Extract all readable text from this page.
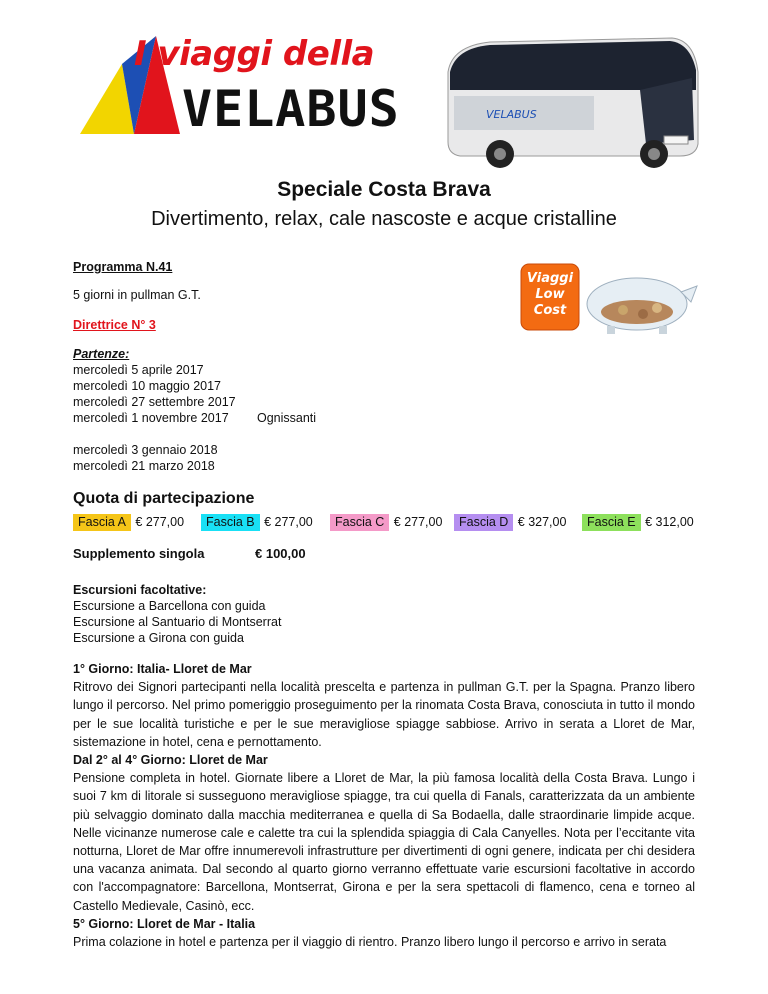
I viaggi della
VELABUS	VELABUS
Speciale Costa Brava
Divertimento, relax, cale nascoste e acque cristalline
Programma N.41
5 giorni in pullman G.T.
Direttrice N° 3
Viaggi
Low
Cost
Partenze:
mercoledì 5 aprile 2017
mercoledì 10 maggio 2017
mercoledì 27 settembre 2017
mercoledì 1 novembre 2017 Ognissanti
mercoledì 3 gennaio 2018
mercoledì 21 marzo 2018
Quota di partecipazione
Fascia A € 277,00	Fascia B € 277,00	Fascia C € 277,00	Fascia D € 327,00	Fascia E € 312,00
Supplemento singola	€ 100,00
Escursioni facoltative:
Escursione a Barcellona con guida
Escursione al Santuario di Montserrat
Escursione a Girona con guida
1° Giorno: Italia- Lloret de Mar
Ritrovo dei Signori partecipanti nella località prescelta e partenza in pullman G.T. per la Spagna. Pranzo libero lungo il percorso. Nel primo pomeriggio proseguimento per la rinomata Costa Brava, conosciuta in tutto il mondo per le sue località turistiche e per le sue meravigliose spiagge sabbiose. Arrivo in serata a Lloret de Mar, sistemazione in hotel, cena e pernottamento.
Dal 2° al 4° Giorno: Lloret de Mar
Pensione completa in hotel. Giornate libere a Lloret de Mar, la più famosa località della Costa Brava. Lungo i suoi 7 km di litorale si susseguono meravigliose spiagge, tra cui quella di Fanals, caratterizzata da un ambiente più selvaggio dominato dalla macchia mediterranea e quella di Sa Bodaella, dalle straordinarie limpide acque. Nelle vicinanze numerose cale e calette tra cui la splendida spiaggia di Cala Canyelles. Nota per l’eccitante vita notturna, Lloret de Mar offre innumerevoli infrastrutture per divertimenti di ogni genere, indicata per chi desidera una vacanza animata. Dal secondo al quarto giorno verranno effettuate varie escursioni facoltative in accordo con l'accompagnatore: Barcellona, Montserrat, Girona e per la sera spettacoli di flamenco, cena e torneo al Castello Medievale, Casinò, ecc.
5° Giorno: Lloret de Mar - Italia
Prima colazione in hotel e partenza per il viaggio di rientro. Pranzo libero lungo il percorso e arrivo in serata
